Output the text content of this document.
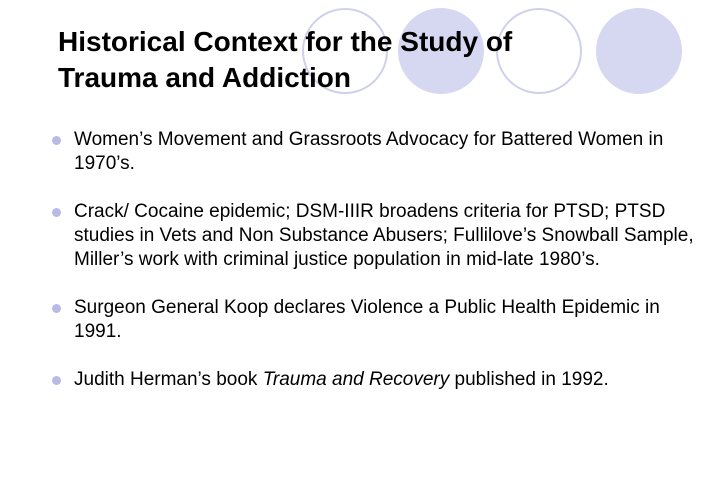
Historical Context for the Study of
Trauma and Addiction
Women’s Movement and Grassroots Advocacy for Battered Women in 1970’s.
Crack/ Cocaine epidemic; DSM-IIIR broadens criteria for PTSD; PTSD studies in Vets and Non Substance Abusers; Fullilove’s Snowball Sample, Miller’s work with criminal justice population in mid-late 1980’s.
Surgeon General Koop declares Violence a Public Health Epidemic in 1991.
Judith Herman’s book Trauma and Recovery published in 1992.
